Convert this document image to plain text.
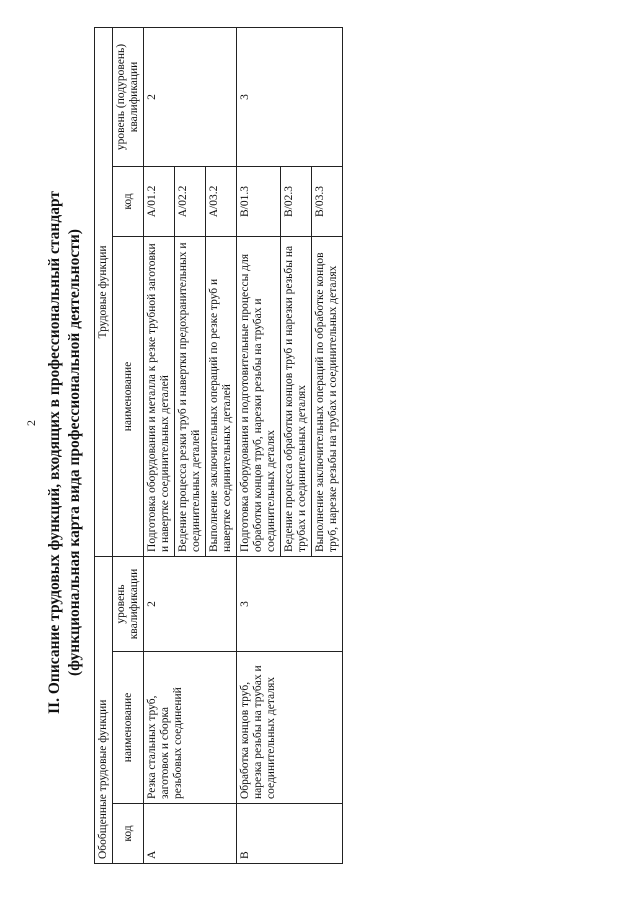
2 II. Описание трудовых функций, входящих в профессиональный стандарт (функциональная карта вида профессиональной деятельности)
Обобщенные трудовые функции			Трудовые функции		
код	наименование	уровень квалификации	наименование	код	уровень (подуровень) квалификации
A	Резка стальных труб, заготовок и сборка резьбовых соединений	2	Подготовка оборудования и металла к резке трубной заготовки и навертке соединительных деталей	A/01.2	2
			Ведение процесса резки труб и навертки предохранительных и соединительных деталей	A/02.2	
			Выполнение заключительных операций по резке труб и навертке соединительных деталей	A/03.2	
B	Обработка концов труб, нарезка резьбы на трубах и соединительных деталях	3	Подготовка оборудования и подготовительные процессы для обработки концов труб, нарезки резьбы на трубах и соединительных деталях	B/01.3	3
			Ведение процесса обработки концов труб и нарезки резьбы на трубах и соединительных деталях	B/02.3	
			Выполнение заключительных операций по обработке концов труб, нарезке резьбы на трубах и соединительных деталях	B/03.3	
